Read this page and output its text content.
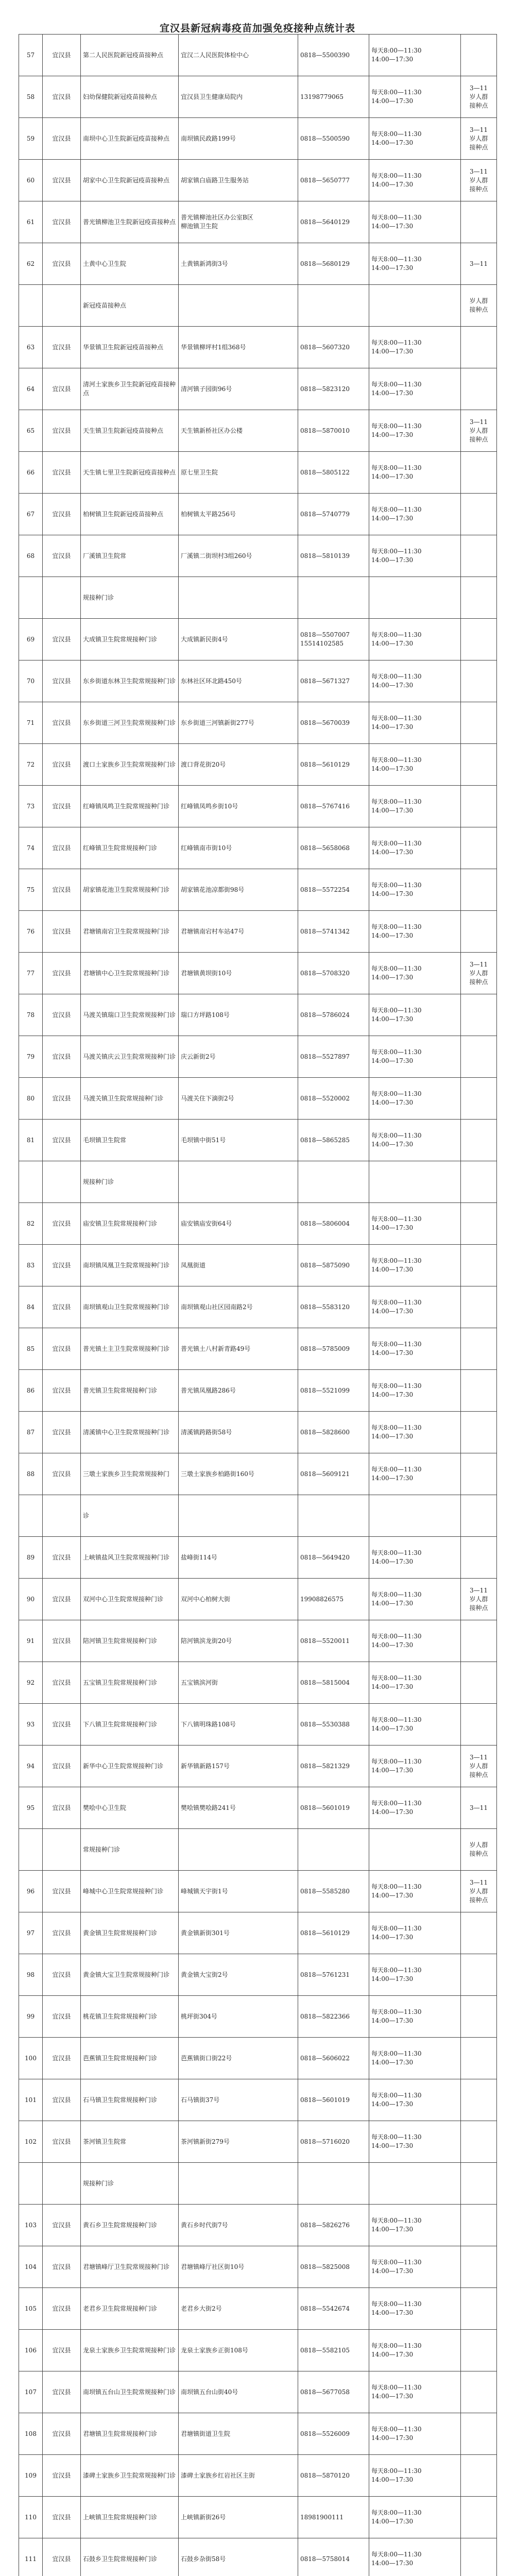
宜汉县新冠病毒疫苗加强免疫接种点统计表
57	宜汉县	第二人民医院新冠疫苗接种点	宜汉二人民医院体检中心	0818—5500390	每天8:00—11:30
14:00—17:30	
58	宜汉县	妇幼保健院新冠疫苗接种点	宜汉县卫生健康局院内	13198779065	每天8:00—11:30
14:00—17:30	3—11
岁人群
接种点
59	宜汉县	南坝中心卫生院新冠疫苗接种点	南坝镇民政路199号	0818—5500590	每天8:00—11:30
14:00—17:30	3—11
岁人群
接种点
60	宜汉县	胡家中心卫生院新冠疫苗接种点	胡家镇白庙路卫生服务站	0818—5650777	每天8:00—11:30
14:00—17:30	3—11
岁人群
接种点
61	宜汉县	普光镇柳池卫生院新冠疫苗接种点	普光镇柳池社区办公室B区
柳池镇卫生院	0818—5640129	每天8:00—11:30
14:00—17:30	
62	宜汉县	土黄中心卫生院	土黄镇新鸿街3号	0818—5680129	每天8:00—11:30
14:00—17:30	3—11
		新冠疫苗接种点				岁人群
接种点
63	宜汉县	华景镇卫生院新冠疫苗接种点	华景镇柳坪村1组368号	0818—5607320	每天8:00—11:30
14:00—17:30	
64	宜汉县	清河土家族乡卫生院新冠疫苗接种点	清河镇子园街96号	0818—5823120	每天8:00—11:30
14:00—17:30	
65	宜汉县	天生镇卫生院新冠疫苗接种点	天生镇新桥社区办公楼	0818—5870010	每天8:00—11:30
14:00—17:30	3—11
岁人群
接种点
66	宜汉县	天生镇七里卫生院新冠疫苗接种点	原七里卫生院	0818—5805122	每天8:00—11:30
14:00—17:30	
67	宜汉县	柏树镇卫生院新冠疫苗接种点	柏树镇太平路256号	0818—5740779	每天8:00—11:30
14:00—17:30	
68	宜汉县	厂溪镇卫生院常	厂溪镇二街坝村3组260号	0818—5810139	每天8:00—11:30
14:00—17:30	
		规接种门诊				
69	宜汉县	大成镇卫生院常规接种门诊	大成镇新民街4号	0818—5507007
15514102585	每天8:00—11:30
14:00—17:30	
70	宜汉县	东乡街道东林卫生院常规接种门诊	东林社区环北路450号	0818—5671327	每天8:00—11:30
14:00—17:30	
71	宜汉县	东乡街道三河卫生院常规接种门诊	东乡街道三河镇新街277号	0818—5670039	每天8:00—11:30
14:00—17:30	
72	宜汉县	渡口土家族乡卫生院常规接种门诊	渡口背花街20号	0818—5610129	每天8:00—11:30
14:00—17:30	
73	宜汉县	红峰镇凤鸣卫生院常规接种门诊	红峰镇凤鸣乡街10号	0818—5767416	每天8:00—11:30
14:00—17:30	
74	宜汉县	红峰镇卫生院常规接种门诊	红峰镇南市街10号	0818—5658068	每天8:00—11:30
14:00—17:30	
75	宜汉县	胡家镇花池卫生院常规接种门诊	胡家镇花池凉都街98号	0818—5572254	每天8:00—11:30
14:00—17:30	
76	宜汉县	君塘镇南宕卫生院常规接种门诊	君塘镇南宕村车站47号	0818—5741342	每天8:00—11:30
14:00—17:30	
77	宜汉县	君塘镇中心卫生院常规接种门诊	君塘镇黄坝街10号	0818—5708320	每天8:00—11:30
14:00—17:30	3—11
岁人群
接种点
78	宜汉县	马渡关镇瑞口卫生院常规接种门诊	瑞口方坪路108号	0818—5786024	每天8:00—11:30
14:00—17:30	
79	宜汉县	马渡关镇庆云卫生院常规接种门诊	庆云新街2号	0818—5527897	每天8:00—11:30
14:00—17:30	
80	宜汉县	马渡关镇卫生院常规接种门诊	马渡关住下滴街2号	0818—5520002	每天8:00—11:30
14:00—17:30	
81	宜汉县	毛坝镇卫生院常	毛坝镇中街51号	0818—5865285	每天8:00—11:30
14:00—17:30	
		规接种门诊				
82	宜汉县	庙安镇卫生院常规接种门诊	庙安镇庙安街64号	0818—5806004	每天8:00—11:30
14:00—17:30	
83	宜汉县	南坝镇凤凰卫生院常规接种门诊	凤凰街道	0818—5875090	每天8:00—11:30
14:00—17:30	
84	宜汉县	南坝镇观山卫生院常规接种门诊	南坝镇观山社区园南路2号	0818—5583120	每天8:00—11:30
14:00—17:30	
85	宜汉县	普光镇土主卫生院常规接种门诊	普光镇土八村新青路49号	0818—5785009	每天8:00—11:30
14:00—17:30	
86	宜汉县	普光镇卫生院常规接种门诊	普光镇凤凰路286号	0818—5521099	每天8:00—11:30
14:00—17:30	
87	宜汉县	清溪镇中心卫生院常规接种门诊	清溪镇跨路街58号	0818—5828600	每天8:00—11:30
14:00—17:30	
88	宜汉县	三墩土家族乡卫生院常规接种门	三墩土家族乡柏路街160号	0818—5609121	每天8:00—11:30
14:00—17:30	
		诊				
89	宜汉县	上峡镇盐风卫生院常规接种门诊	盐峰街114号	0818—5649420	每天8:00—11:30
14:00—17:30	
90	宜汉县	双河中心卫生院常规接种门诊	双河中心柏树大街	19908826575	每天8:00—11:30
14:00—17:30	3—11
岁人群
接种点
91	宜汉县	陪河镇卫生院常规接种门诊	陪河镇滨龙街20号	0818—5520011	每天8:00—11:30
14:00—17:30	
92	宜汉县	五宝镇卫生院常规接种门诊	五宝镇滨河街	0818—5815004	每天8:00—11:30
14:00—17:30	
93	宜汉县	下八镇卫生院常规接种门诊	下八镇明珠路108号	0818—5530388	每天8:00—11:30
14:00—17:30	
94	宜汉县	新华中心卫生院常规接种门诊	新华镇新路157号	0818—5821329	每天8:00—11:30
14:00—17:30	3—11
岁人群
接种点
95	宜汉县	樊哙中心卫生院	樊哙镇樊哙路241号	0818—5601019	每天8:00—11:30
14:00—17:30	3—11
		常规接种门诊				岁人群
接种点
96	宜汉县	峰城中心卫生院常规接种门诊	峰城镇天宇街1号	0818—5585280	每天8:00—11:30
14:00—17:30	3—11
岁人群
接种点
97	宜汉县	黄金镇卫生院常规接种门诊	黄金镇新街301号	0818—5610129	每天8:00—11:30
14:00—17:30	
98	宜汉县	黄金镇大宝卫生院常规接种门诊	黄金镇大宝街2号	0818—5761231	每天8:00—11:30
14:00—17:30	
99	宜汉县	桃花镇卫生院常规接种门诊	桃坪街304号	0818—5822366	每天8:00—11:30
14:00—17:30	
100	宜汉县	芭蕉镇卫生院常规接种门诊	芭蕉镇街口街22号	0818—5606022	每天8:00—11:30
14:00—17:30	
101	宜汉县	石马镇卫生院常规接种门诊	石马镇街37号	0818—5601019	每天8:00—11:30
14:00—17:30	
102	宜汉县	茶河镇卫生院常	茶河镇新街279号	0818—5716020	每天8:00—11:30
14:00—17:30	
		规接种门诊				
103	宜汉县	黄石乡卫生院常规接种门诊	黄石乡时代街7号	0818—5826276	每天8:00—11:30
14:00—17:30	
104	宜汉县	君塘镇峰厅卫生院常规接种门诊	君塘镇峰厅社区街10号	0818—5825008	每天8:00—11:30
14:00—17:30	
105	宜汉县	老君乡卫生院常规接种门诊	老君乡大街2号	0818—5542674	每天8:00—11:30
14:00—17:30	
106	宜汉县	龙泉土家族乡卫生院常规接种门诊	龙泉土家族乡正街108号	0818—5582105	每天8:00—11:30
14:00—17:30	
107	宜汉县	南坝镇五台山卫生院常规接种门诊	南坝镇五台山街40号	0818—5677058	每天8:00—11:30
14:00—17:30	
108	宜汉县	君塘镇卫生院常规接种门诊	君塘镇街道卫生院	0818—5526009	每天8:00—11:30
14:00—17:30	
109	宜汉县	漆碑土家族乡卫生院常规接种门诊	漆碑土家族乡红岩社区主街	0818—5870120	每天8:00—11:30
14:00—17:30	
110	宜汉县	上峡镇卫生院常规接种门诊	上峡镇新街26号	18981900111	每天8:00—11:30
14:00—17:30	
111	宜汉县	石鼓乡卫生院常规接种门诊	石鼓乡杂街58号	0818—5758014	每天8:00—11:30
14:00—17:30	
